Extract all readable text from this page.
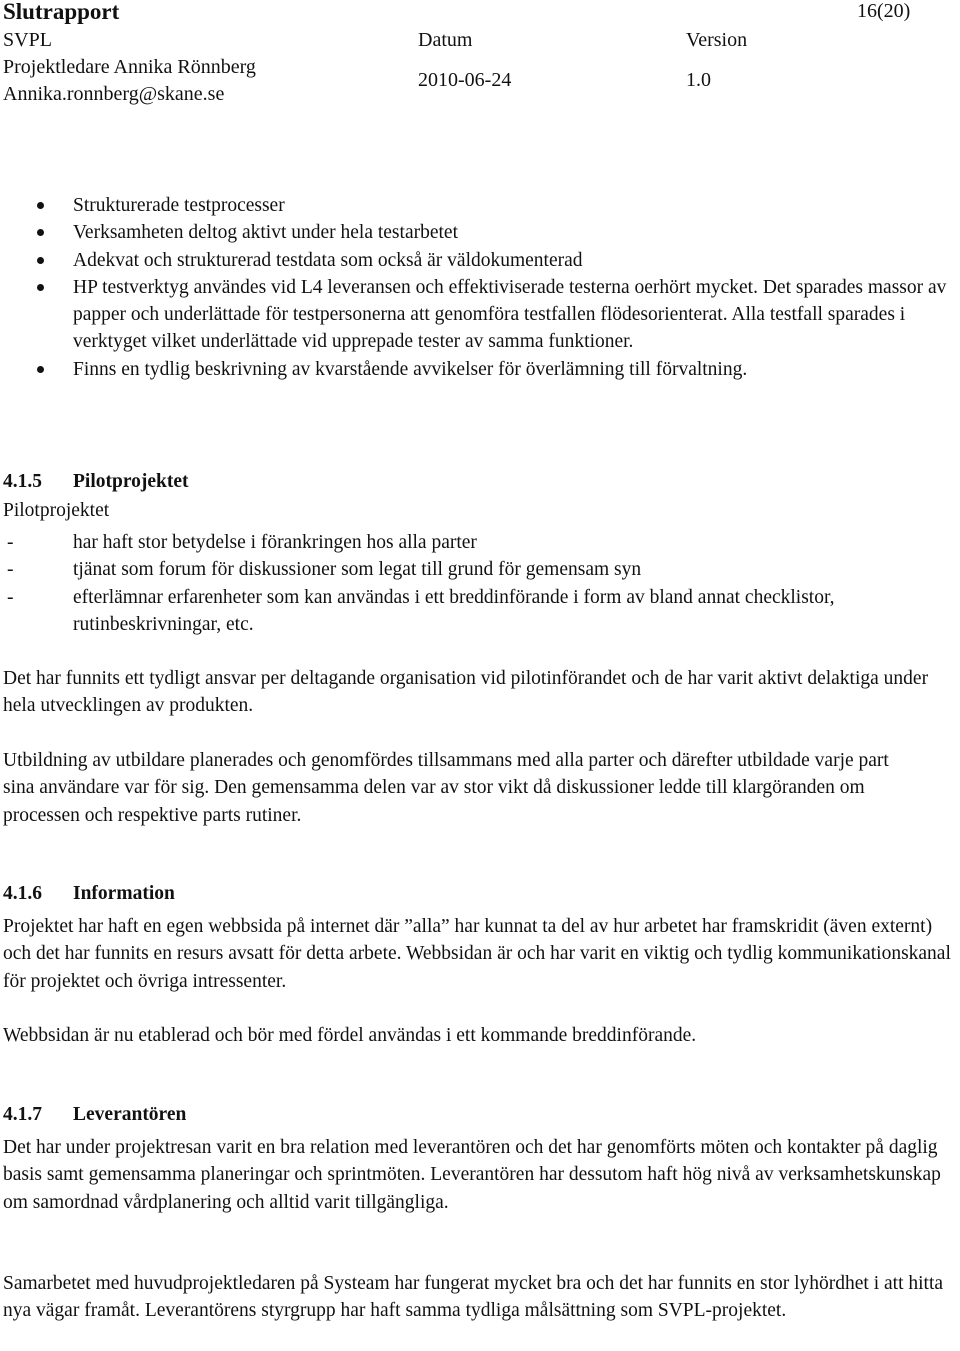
Slutrapport	16(20)
SVPL	Datum	Version
Projektledare Annika Rönnberg
Annika.ronnberg@skane.se
2010-06-24	1.0
Strukturerade testprocesser
Verksamheten deltog aktivt under hela testarbetet
Adekvat och strukturerad testdata som också är väldokumenterad
HP testverktyg användes vid L4 leveransen och effektiviserade testerna oerhört mycket. Det sparades massor av papper och underlättade för testpersonerna att genomföra testfallen flödesorienterat. Alla testfall sparades i verktyget vilket underlättade vid upprepade tester av samma funktioner.
Finns en tydlig beskrivning av kvarstående avvikelser för överlämning till förvaltning.
4.1.5 Pilotprojektet
Pilotprojektet
-	har haft stor betydelse i förankringen hos alla parter
-	tjänat som forum för diskussioner som legat till grund för gemensam syn
-	efterlämnar erfarenheter som kan användas i ett breddinförande i form av bland annat checklistor, rutinbeskrivningar, etc.
Det har funnits ett tydligt ansvar per deltagande organisation vid pilotinförandet och de har varit aktivt delaktiga under hela utvecklingen av produkten.
Utbildning av utbildare planerades och genomfördes tillsammans med alla parter och därefter utbildade varje part sina användare var för sig. Den gemensamma delen var av stor vikt då diskussioner ledde till klargöranden om processen och respektive parts rutiner.
4.1.6 Information
Projektet har haft en egen webbsida på internet där ”alla” har kunnat ta del av hur arbetet har framskridit (även externt) och det har funnits en resurs avsatt för detta arbete. Webbsidan är och har varit en viktig och tydlig kommunikationskanal för projektet och övriga intressenter.
Webbsidan är nu etablerad och bör med fördel användas i ett kommande breddinförande.
4.1.7 Leverantören
Det har under projektresan varit en bra relation med leverantören och det har genomförts möten och kontakter på daglig basis samt gemensamma planeringar och sprintmöten. Leverantören har dessutom haft hög nivå av verksamhetskunskap om samordnad vårdplanering och alltid varit tillgängliga.
Samarbetet med huvudprojektledaren på Systeam har fungerat mycket bra och det har funnits en stor lyhördhet i att hitta nya vägar framåt. Leverantörens styrgrupp har haft samma tydliga målsättning som SVPL-projektet.
